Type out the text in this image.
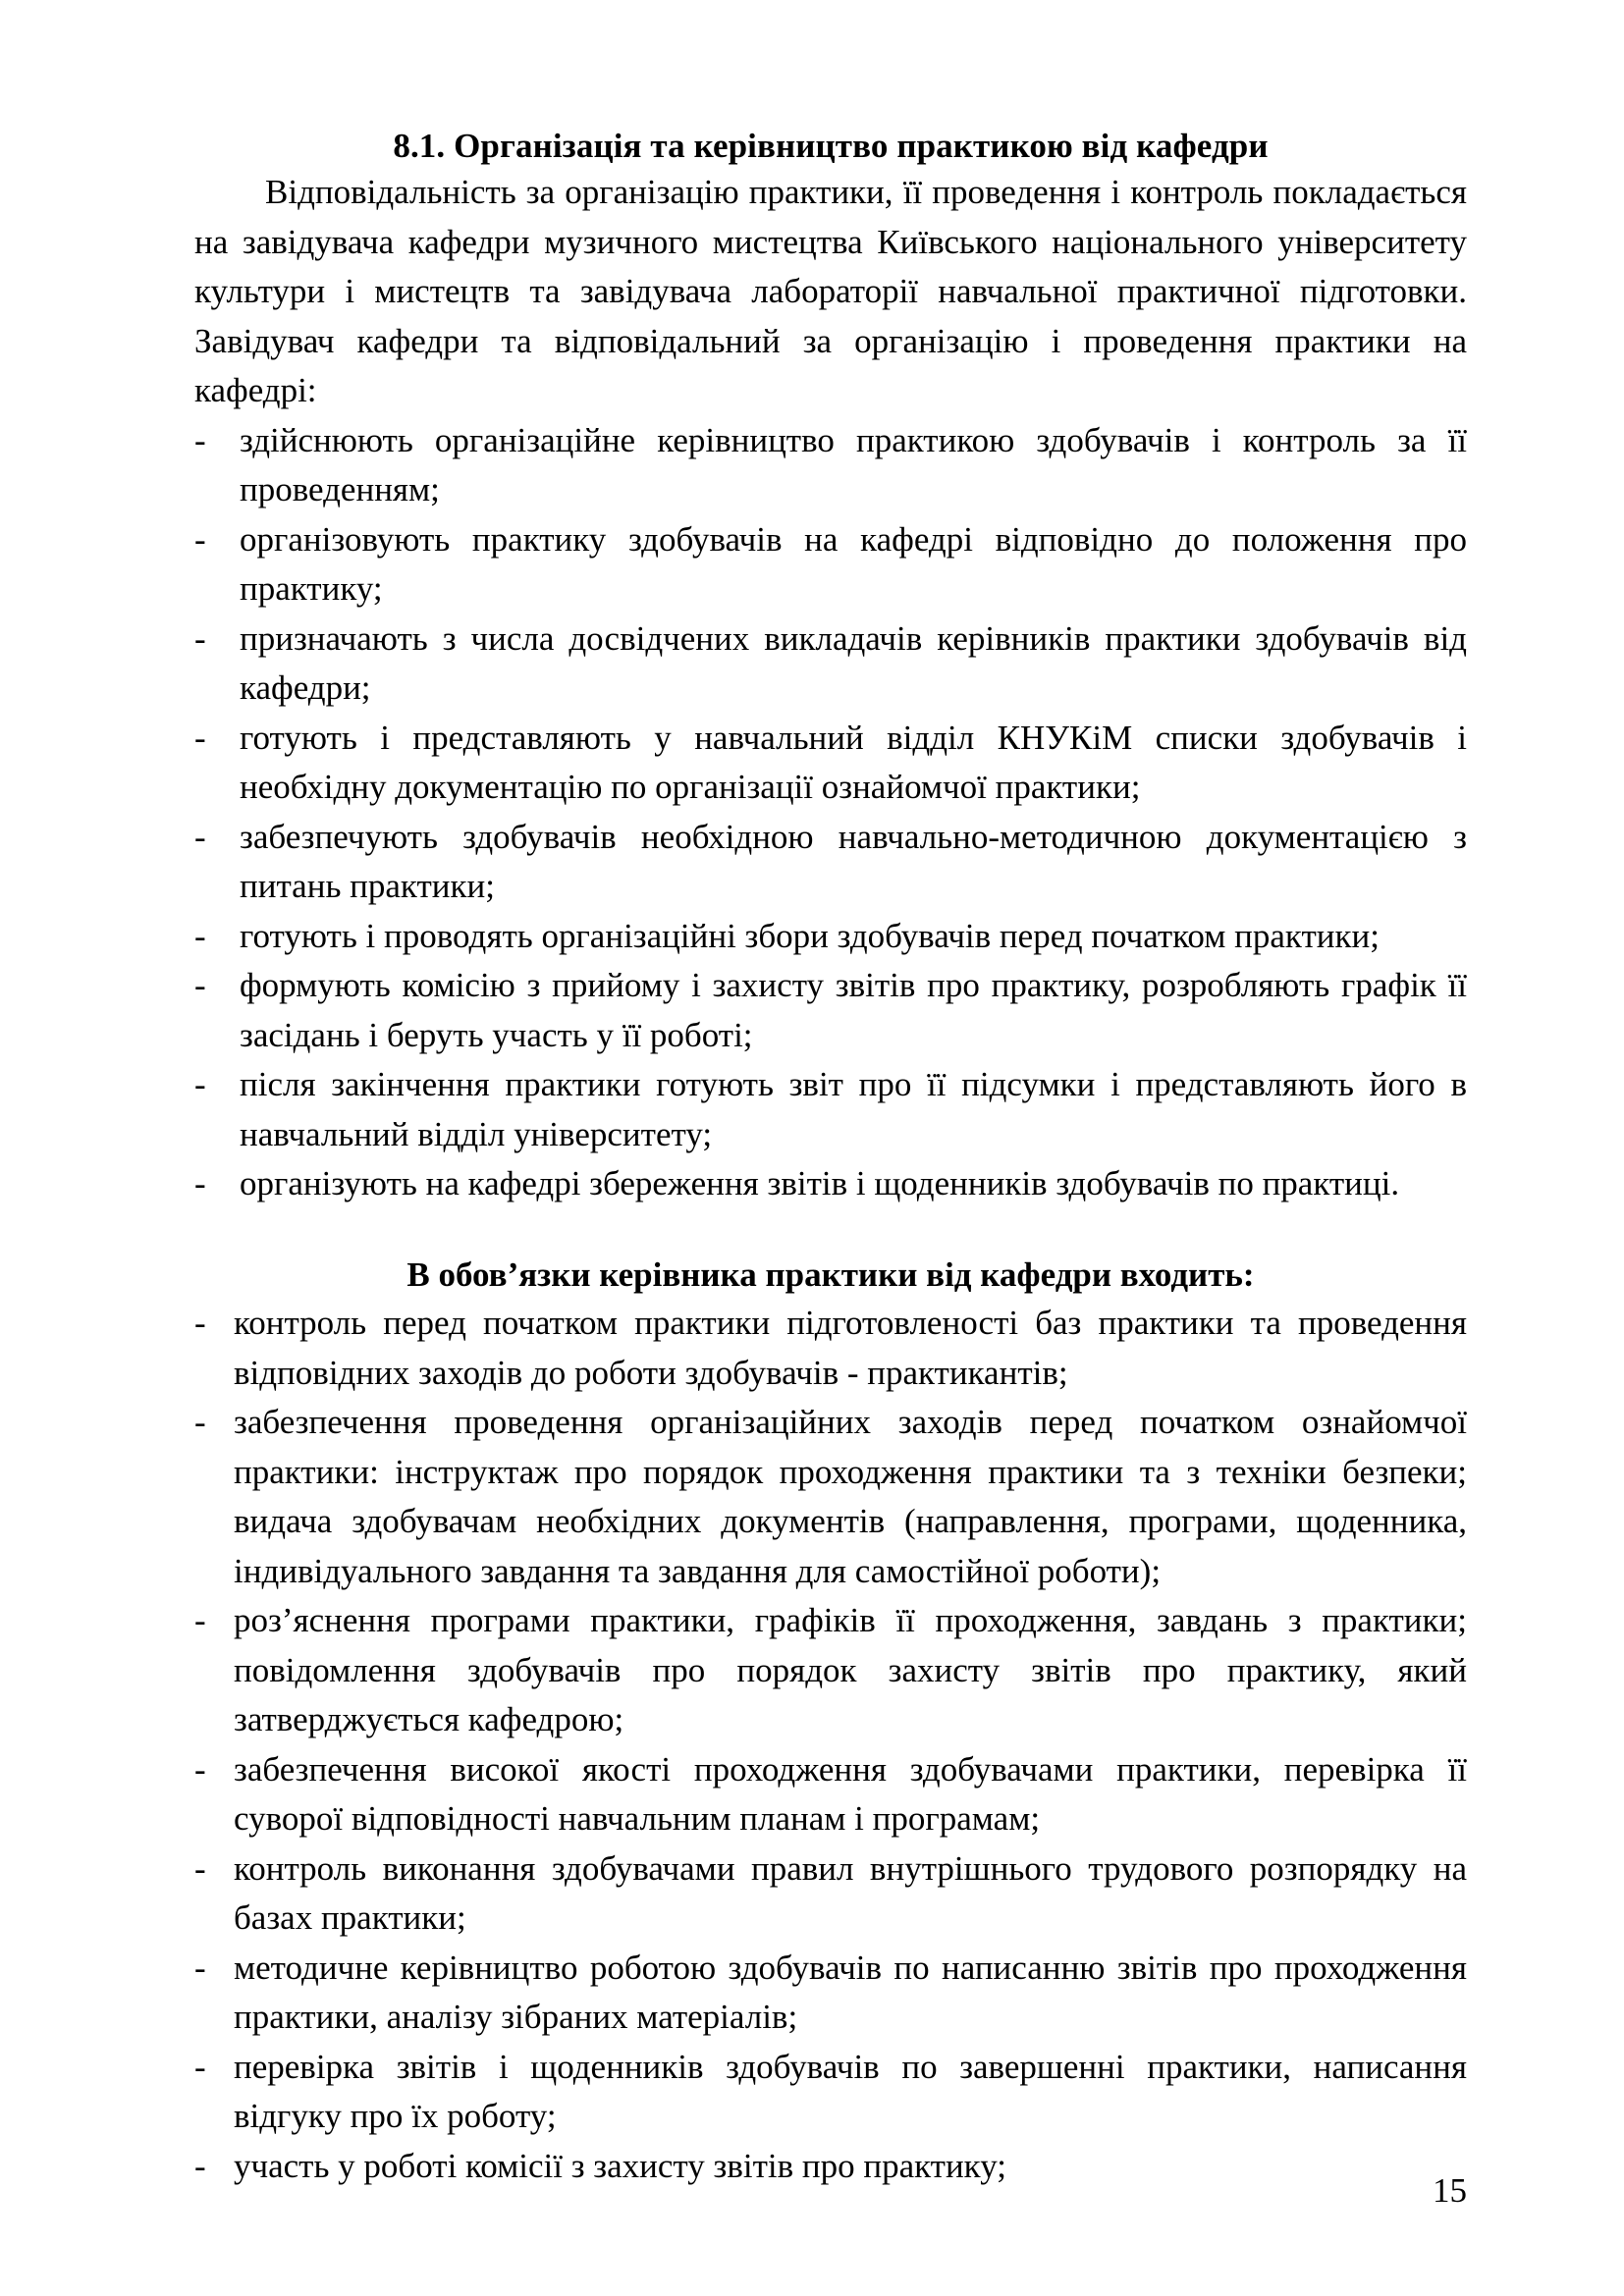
8.1. Організація та керівництво практикою від кафедри

Відповідальність за організацію практики, її проведення і контроль покладається на завідувача кафедри музичного мистецтва Київського національного університету культури і мистецтв та завідувача лабораторії навчальної практичної підготовки. Завідувач кафедри та відповідальний за організацію і проведення практики на кафедрі:

- здійснюють організаційне керівництво практикою здобувачів і контроль за її проведенням;
- організовують практику здобувачів на кафедрі відповідно до положення про практику;
- призначають з числа досвідчених викладачів керівників практики здобувачів від кафедри;
- готують і представляють у навчальний відділ КНУКіМ списки здобувачів і необхідну документацію по організації ознайомчої практики;
- забезпечують здобувачів необхідною навчально-методичною документацією з питань практики;
- готують і проводять організаційні збори здобувачів перед початком практики;
- формують комісію з прийому і захисту звітів про практику, розробляють графік її засідань і беруть участь у її роботі;
- після закінчення практики готують звіт про її підсумки і представляють його в навчальний відділ університету;
- організують на кафедрі збереження звітів і щоденників здобувачів по практиці.
В обов’язки керівника практики від кафедри входить:
- контроль перед початком практики підготовленості баз практики та проведення відповідних заходів до роботи здобувачів - практикантів;
- забезпечення проведення організаційних заходів перед початком ознайомчої практики: інструктаж про порядок проходження практики та з техніки безпеки; видача здобувачам необхідних документів (направлення, програми, щоденника, індивідуального завдання та завдання для самостійної роботи);
- роз’яснення програми практики, графіків її проходження, завдань з практики; повідомлення здобувачів про порядок захисту звітів про практику, який затверджується кафедрою;
- забезпечення високої якості проходження здобувачами практики, перевірка її суворої відповідності навчальним планам і програмам;
- контроль виконання здобувачами правил внутрішнього трудового розпорядку на базах практики;
- методичне керівництво роботою здобувачів по написанню звітів про проходження практики, аналізу зібраних матеріалів;
- перевірка звітів і щоденників здобувачів по завершенні практики, написання відгуку про їх роботу;
- участь у роботі комісії з захисту звітів про практику;
15
